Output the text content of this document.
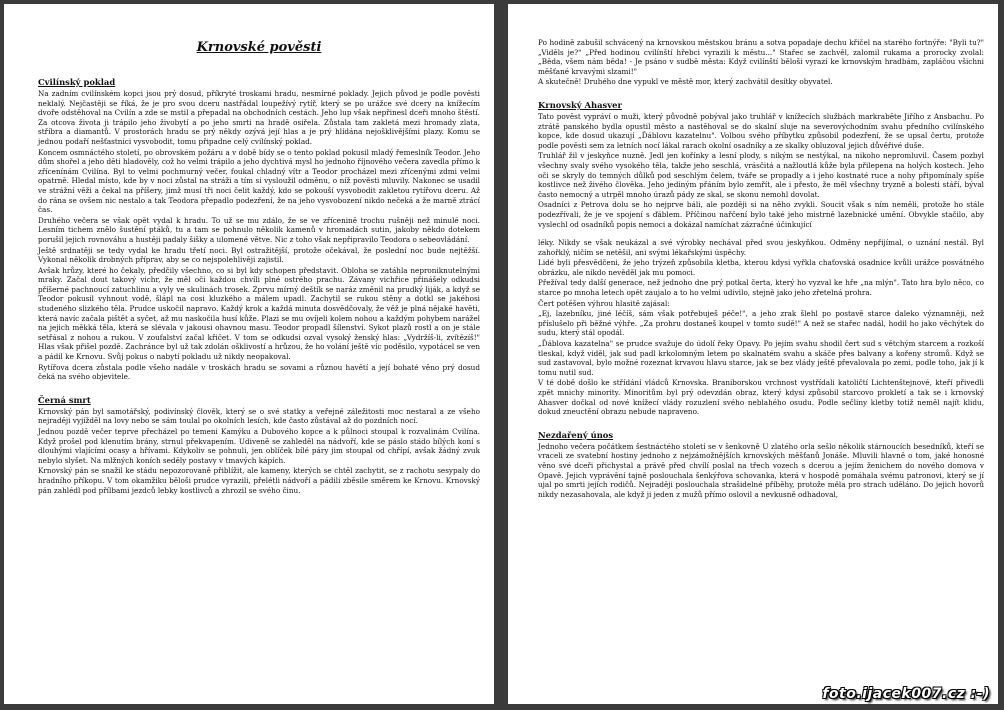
Krnovské pověsti
Cvilínský poklad

Na zadním cvilínském kopci jsou prý dosud, příkryté troskami hradu, nesmírné poklady. Jejich původ je podle pověsti neklalý. Nejčastěji se říká, že je pro svou dceru nastřádal loupežívý rytíř, který se po urážce své dcery na knížecím dvoře odstěhoval na Cvilín a zde se mstil a přepadal na obchodních cestách. Jeho lup však nepřinesl dceři mnoho štěstí. Za otcova života ji trápilo jeho živobytí a po jeho smrti na hradě osiřela. Zůstala tam zakletá mezi hromady zlata, stříbra a diamantů. V prostorách hradu se prý někdy ozývá její hlas a je prý hlídána nejošklivějšími plazy. Komu se jednou podaří nešťastnici vysvobodit, tomu připadne celý cvilínský poklad.

Koncem osmnáctého století, po obrovském požáru a v době bídy se o tento poklad pokusil mladý řemeslník Teodor. Jeho dům shořel a jeho děti hladověly, což ho velmi trápilo a jeho dychtivá mysl ho jednoho říjnového večera zavedla přímo k zřícenínám Cvilína. Byl to velmi pochmurný večer, foukal chladný vítr a Teodor procházel mezi zřícenými zdmi velmi opatrně. Hledal místo, kde by v noci zůstal na stráži a tím si vysloužil odměnu, o níž pověsti mluvily. Nakonec se usadil ve strážní věži a čekal na příšery, jimž musí tři noci čelit každý, kdo se pokouší vysvobodit zakletou rytířovu dceru. Až do rána se ovšem nic nestalo a tak Teodora přepadlo podezření, že na jeho vysvobození nikdo nečeká a že marně ztrácí čas.

Druhého večera se však opět vydal k hradu. To už se mu zdálo, že se ve zřícenině trochu rušněji než minulé noci. Lesním tichem znělo šustění ptáků, tu a tam se pohnulo několik kamenů v hromadách sutin, jakoby někdo dotekem porušil jejich rovnováhu a hustěji padaly šišky a ulomené větve. Nic z toho však nepřipravilo Teodora o sebeovládání.

Ještě srdnatěji se tedy vydal ke hradu třetí noci. Byl ostražitější, protože očekával, že poslední noc bude nejtěžší. Vykonal několik drobných příprav, aby se co nejspolehlivěji zajistil.

Avšak hrůzy, které ho čekaly, předčily všechno, co si byl kdy schopen představit. Obloha se zatáhla neproniknutelnými mraky. Začal dout takový vichr, že měl oči každou chvíli plné ostrého prachu. Závany vichřice přinášely odkudsi příšerné pachnoucí zatuchlinu a vyly ve skulinách trosek. Zprvu mírný deštík se naráz změnil na prudký liják, a když se Teodor pokusil vyhnout vodě, šlápl na cosi kluzkého a málem upadl. Zachytil se rukou stěny a dotkl se jakéhosi studeného slizkého těla. Prudce uskočil napravo. Každý krok a každá minuta dosvědčovaly, že věž je plná nějaké havěti, která navíc začala pištět a syčet, až mu naskočila husí kůže. Plazi se mu ovíjeli kolem nohou a každým pohybem narážel na jejich měkká těla, která se slévala v jakousi ohavnou masu. Teodor propadl šílenství. Sykot plazů rostl a on je stále setřásal z nohou a rukou. V zoufalství začal křičet. V tom se odkudsi ozval vysoký ženský hlas: „Vydržíš-li, zvítězíš!" Hlas však přišel pozdě. Zachránce byl už tak zdolán ošklivostí a hrůzou, že ho volání ještě víc poděsilo, vypotácel se ven a pádil ke Krnovu. Svůj pokus o nabytí pokladu už nikdy neopakoval.

Rytířova dcera zůstala podle všeho nadále v troskách hradu se sovami a různou havětí a její bohaté věno prý dosud čeká na svého objevitele.

Černá smrt

Krnovský pán byl samotářský, podivínský člověk, který se o své statky a veřejné záležitosti moc nestaral a ze všeho nejraději vyjížděl na lovy nebo se sám toulal po okolních lesích, kde často zůstával až do pozdních nocí.

Jednou pozdě večer teprve přecházel po temeni Kamýku a Dubového kopce a k půlnoci stoupal k rozvalinám Cvilína. Když prošel pod klenutím brány, strnul překvapením. Udiveně se zahleděl na nádvoří, kde se páslo stádo bílých koní s dlouhými vlajícími ocasy a hřívami. Kdykoliv se pohnuli, jen oblíček bílé páry jim stoupal od chřípí, avšak žádný zvuk nebylo slyšet. Na mlžných koních seděly postavy v tmavých kápích.

Krnovský pán se snažil ke stádu nepozorovaně přiblížit, ale kameny, kterých se chtěl zachytit, se z rachotu sesypaly do hradního příkopu. V tom okamžiku běloši prudce vyrazili, přelétli nádvoří a pádili zběsile směrem ke Krnovu. Krnovský pán zahlédl pod přílbami jezdců lebky kostlivců a zhrozil se svého činu.

Po hodině zabušil schvácený na krnovskou městskou bránu a sotva popadaje dechu křičel na starého fortnýře: "Byli tu?" „Viděls je?" „Před hodinou cvilínští hřebci vyrazili k městu..." Stařec se zachvěl, zalomil rukama a prorocky zvolal: „Běda, všem nám běda! - Je psáno v sudbě města: Když cvilínští běloši vyrazí ke krnovským hradbám, zapláčou všichni měšťané krvavými slzami!"

A skutečně! Druhého dne vypukl ve městě mor, který zachvátil desítky obyvatel.

Krnovský Ahasver

Tato pověst vypráví o muži, který původně pobýval jako truhlář v knížecích službách markraběte Jiřího z Ansbachu. Po ztrátě panského bydla opustil město a nastěhoval se do skalní sluje na severovýchodním svahu předního cvilínského kopce, kde dosud ukazují „Ďáblovu kazatelnu". Volbou svého příbytku způsobil podezření, že se upsal čertu, protože podle pověsti sem za letních nocí lákal rarach okolní osadníky a ze skalky obluzoval jejich důvěřivé duše.

Truhlář žil v jeskyňce nuzně. Jedl jen kořínky a lesní plody, s nikým se nestýkal, na nikoho nepromluvil. Časem pozbyl všechny svaly svého vysokého těla, takže jeho seschlá, vrásčitá a nažloutlá kůže byla přilepena na holých kostech. Jeho oči se skryly do temných důlků pod seschlým čelem, tváře se propadly a i jeho kostnaté ruce a nohy připomínaly spíše kostlivce než živého člověka. Jeho jediným přáním bylo zemřít, ale i přesto, že měl všechny tryzně a bolesti stáří, býval často nemocný a utrpěl mnoho úrazů pády ze skal, se skonu nemohl dovolat.

Osadníci z Petrova dolu se ho nejprve báli, ale později si na něho zvykli. Soucit však s ním neměli, protože ho stále podezřívali, že je ve spojení s ďáblem. Příčinou nařčení bylo také jeho mistrně lazebnické umění. Obvykle stačilo, aby vyslechl od osadníků popis nemoci a dokázal namíchat zázračné účinkující

léky. Nikdy se však neukázal a své výrobky nechával před svou jeskyňkou. Odměny nepřijímal, o uznání nestál. Byl zahořklý, ničím se netěšil, ani svými lékařskými úspěchy.

Lidé byli přesvědčeni, že jeho trýzeň způsobila kletba, kterou kdysi vyřkla chaťovská osadnice kvůli urážce posvátného obrázku, ale nikdo nevěděl jak mu pomoci.

Přežíval tedy další generace, než jednoho dne prý potkal čerta, který ho vyzval ke hře „na mlýn". Tato hra bylo něco, co starce po mnoha letech opět zaujalo a to ho velmi udivilo, stejně jako jeho zřetelná prohra.

Čert potěšen výhrou hlasitě zajásal:

„Ej, lazebníku, jiné léčíš, sám však potřebuješ péče!", a jeho zrak šlehl po postavě starce daleko významněji, než příslušelo při běžné výhře. „Za prohru dostaneš koupel v tomto sudě!" A než se stařec nadál, hodil ho jako věchýtek do sudu, který stál opodál.

„Ďáblova kazatelna" se prudce svažuje do údolí řeky Opavy. Po jejím svahu shodil čert sud s větchým starcem a rozkoší tleskal, když viděl, jak sud padl krkolomným letem po skalnatém svahu a skáče přes balvany a kořeny stromů. Když se sud zastavoval, bylo možné rozeznat krvavou hlavu starce, jak se bez vlády ještě převalovala po zemi, podle toho, jak jí k tomu nutil sud.

V té době došlo ke střídání vládců Krnovska. Braniborskou vrchnost vystřídali katoličtí Lichtenštejnové, kteří přivedli zpět mnichy minority. Minoritům byl prý odevzdán obraz, který kdysi způsobil starcovo prokletí a tak se i krnovský Ahasver dočkal od nové knížecí vlády rozuzlení svého neblahého osudu. Podle sečliny kletby totiž neměl najít klidu, dokud zneuctění obrazu nebude napraveno.

Nezdařený únos

Jednoho večera počátkem šestnáctého století se v šenkovně U zlatého orla sešlo několik stárnoucích besedníků, kteří se vraceli ze svatební hostiny jednoho z nejzámožnějších krnovských měšťanů Jonáše. Mluvili hlavně o tom, jaké honosné věno své dceři přichystal a právě před chvílí poslal na třech vozech s dcerou a jejím ženichem do nového domova v Opavě. Jejich vyprávění tajně poslouchala šenkýřova schovanka, která v hospodě pomáhala svému patronovi, který se jí ujal po smrti jejích rodičů. Nejraději poslouchala strašidelné příběhy, protože měla pro strach uděláno. Do jejich hovorů nikdy nezasahovala, ale když ji jeden z mužů přímo oslovil a nevkusně odhadoval,

foto.ijacek007.cz :-)
